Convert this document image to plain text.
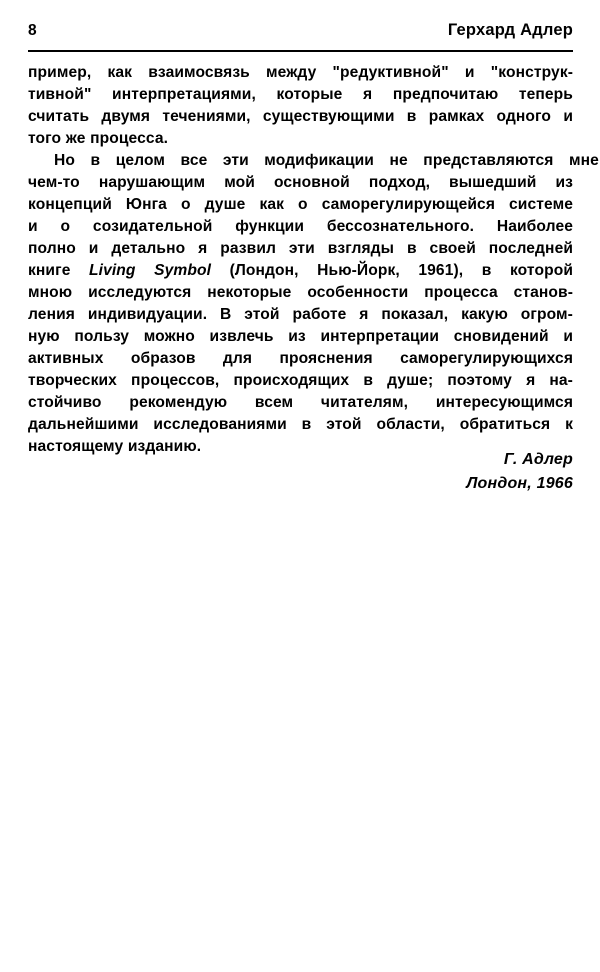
8	Герхард Адлер

пример,
как
взаимосвязь
между
"редуктивной"
и
"конструк-
тивной"
интерпретациями,
которые
я
предпочитаю
теперь
считать
двумя
течениями,
существующими
в
рамках
одного
и
того
же
процесса.

Но
в
целом
все
эти
модификации
не
представляются
мне
чем-то
нарушающим
мой
основной
подход,
вышедший
из
концепций
Юнга
о
душе
как
о
саморегулирующейся
системе
и
о
созидательной
функции
бессознательного.
Наиболее
полно
и
детально
я
развил
эти
взгляды
в
своей
последней
книге
Living
Symbol
(Лондон,
Нью-Йорк,
1961),
в
которой
мною
исследуются
некоторые
особенности
процесса
станов-
ления
индивидуации.
В
этой
работе
я
показал,
какую
огром-
ную
пользу
можно
извлечь
из
интерпретации
сновидений
и
активных
образов
для
прояснения
саморегулирующихся
творческих
процессов,
происходящих
в
душе;
поэтому
я
на-
стойчиво
рекомендую
всем
читателям,
интересующимся
дальнейшими
исследованиями
в
этой
области,
обратиться
к
настоящему
изданию.

Г. Адлер
Лондон, 1966
